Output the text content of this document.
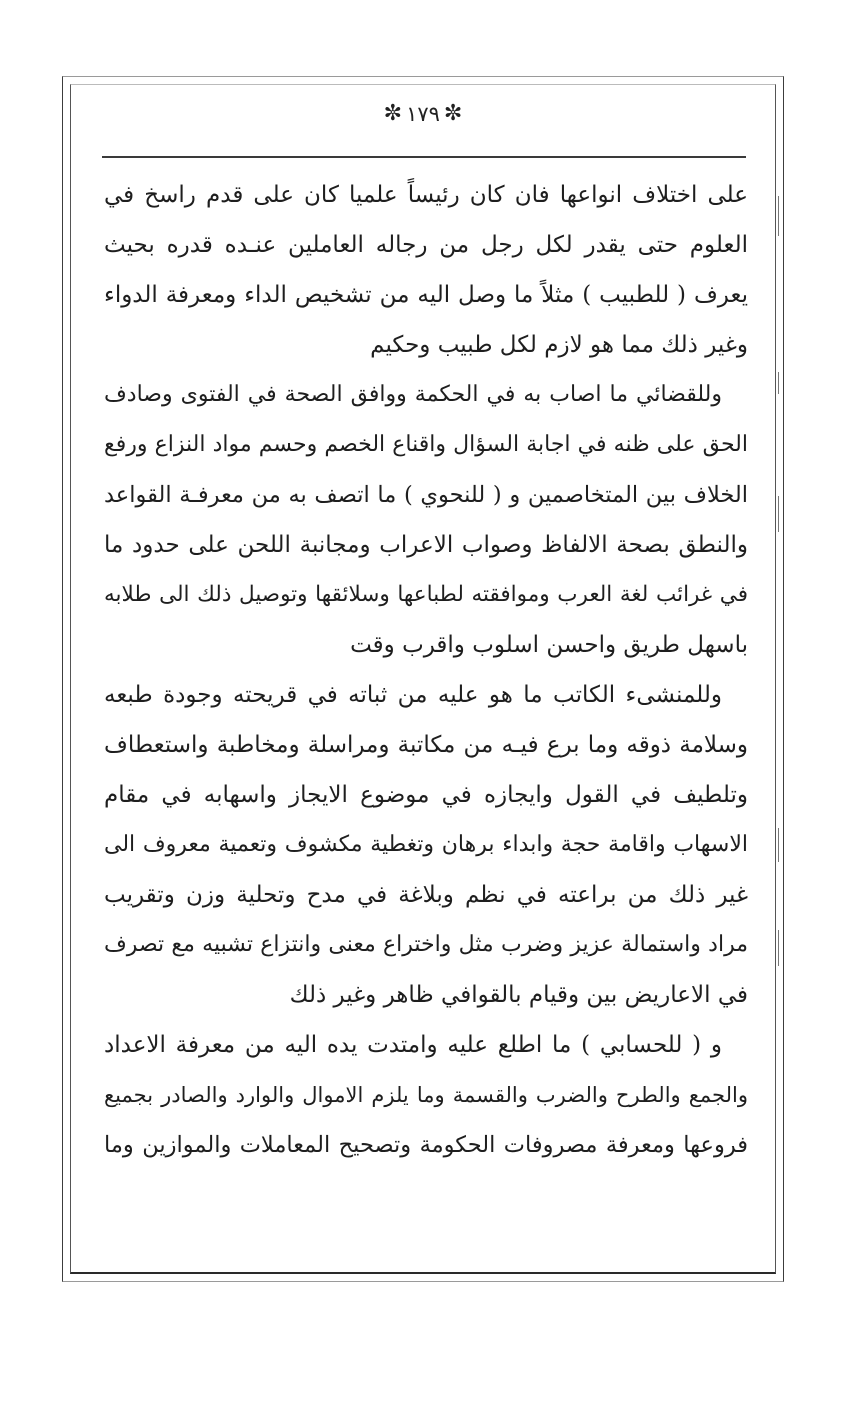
✼ ١٧٩ ✼
على اختلاف انواعها فان كان رئيساً علميا كان على قدم راسخ في
العلوم حتى يقدر لكل رجل من رجاله العاملين عنـده قدره بحيث
يعرف ( للطبيب ) مثلاً ما وصل اليه من تشخيص الداء ومعرفة الدواء
وغير ذلك مما هو لازم لكل طبيب وحكيم
وللقضائي ما اصاب به في الحكمة ووافق الصحة في الفتوى وصادف
الحق على ظنه في اجابة السؤال واقناع الخصم وحسم مواد النزاع ورفع
الخلاف بين المتخاصمين و ( للنحوي ) ما اتصف به من معرفـة القواعد
والنطق بصحة الالفاظ وصواب الاعراب ومجانبة اللحن على حدود ما
في غرائب لغة العرب وموافقته لطباعها وسلائقها وتوصيل ذلك الى طلابه
باسهل طريق واحسن اسلوب واقرب وقت
وللمنشىء الكاتب ما هو عليه من ثباته في قريحته وجودة طبعه
وسلامة ذوقه وما برع فيـه من مكاتبة ومراسلة ومخاطبة واستعطاف
وتلطيف في القول وايجازه في موضوع الايجاز واسهابه في مقام
الاسهاب واقامة حجة وابداء برهان وتغطية مكشوف وتعمية معروف الى
غير ذلك من براعته في نظم وبلاغة في مدح وتحلية وزن وتقريب
مراد واستمالة عزيز وضرب مثل واختراع معنى وانتزاع تشبيه مع تصرف
في الاعاريض بين وقيام بالقوافي ظاهر وغير ذلك
و ( للحسابي ) ما اطلع عليه وامتدت يده اليه من معرفة الاعداد
والجمع والطرح والضرب والقسمة وما يلزم الاموال والوارد والصادر بجميع
فروعها ومعرفة مصروفات الحكومة وتصحيح المعاملات والموازين وما
